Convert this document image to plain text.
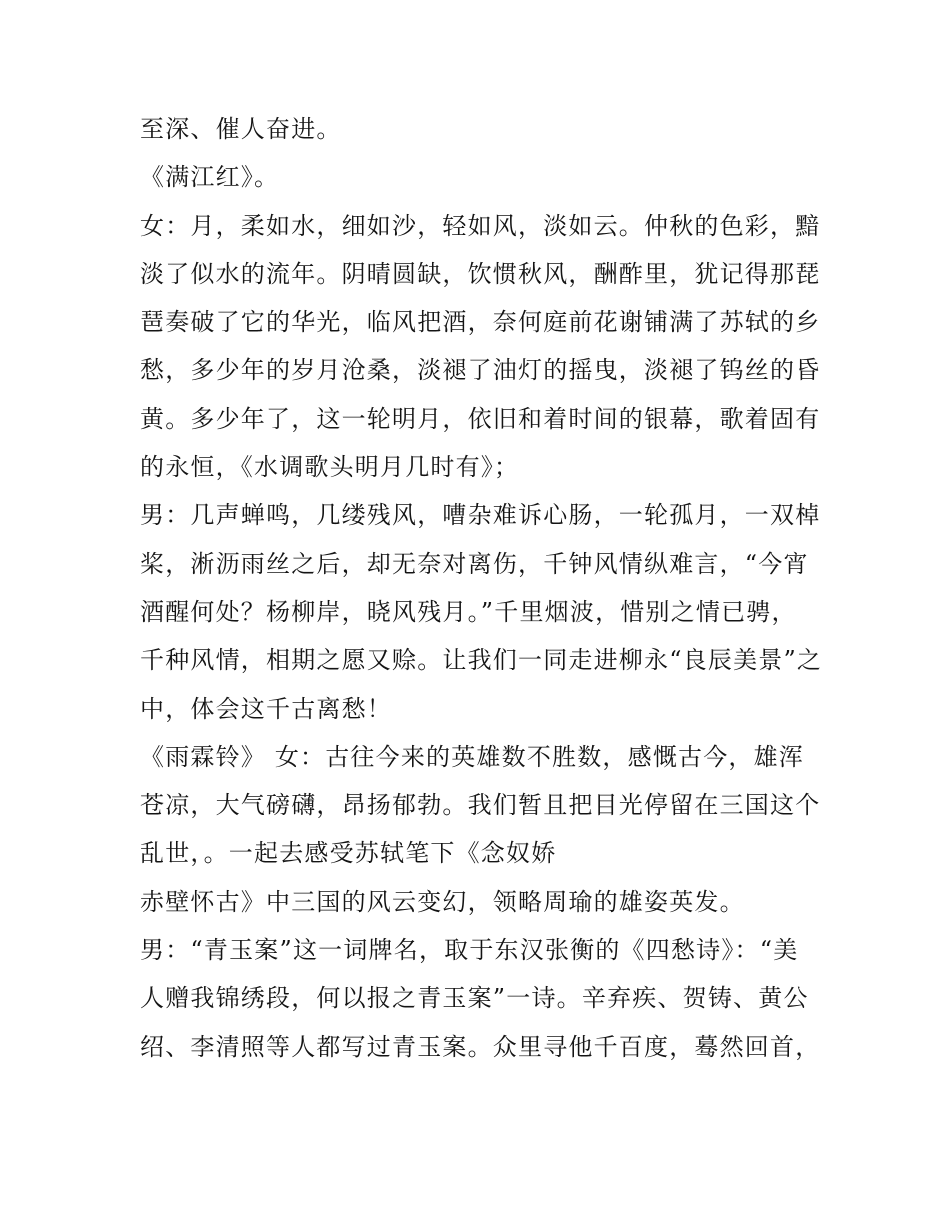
至深、催人奋进。
《满江红》。
女：月，柔如水，细如沙，轻如风，淡如云。仲秋的色彩，黯
淡了似水的流年。阴晴圆缺，饮惯秋风，酬酢里，犹记得那琵
琶奏破了它的华光，临风把酒，奈何庭前花谢铺满了苏轼的乡
愁，多少年的岁月沧桑，淡褪了油灯的摇曳，淡褪了钨丝的昏
黄。多少年了，这一轮明月，依旧和着时间的银幕，歌着固有
的永恒，《水调歌头明月几时有》；
男：几声蝉鸣，几缕残风，嘈杂难诉心肠，一轮孤月，一双棹
桨，淅沥雨丝之后，却无奈对离伤，千钟风情纵难言，“今宵
酒醒何处？杨柳岸，晓风残月。”千里烟波，惜别之情已骋，
千种风情，相期之愿又赊。让我们一同走进柳永“良辰美景”之
中，体会这千古离愁！
《雨霖铃》 女：古往今来的英雄数不胜数，感慨古今，雄浑
苍凉，大气磅礴，昂扬郁勃。我们暂且把目光停留在三国这个
乱世，。一起去感受苏轼笔下《念奴娇
赤壁怀古》中三国的风云变幻，领略周瑜的雄姿英发。
男：“青玉案”这一词牌名，取于东汉张衡的《四愁诗》：“美
人赠我锦绣段，何以报之青玉案”一诗。辛弃疾、贺铸、黄公
绍、李清照等人都写过青玉案。众里寻他千百度，蓦然回首，
